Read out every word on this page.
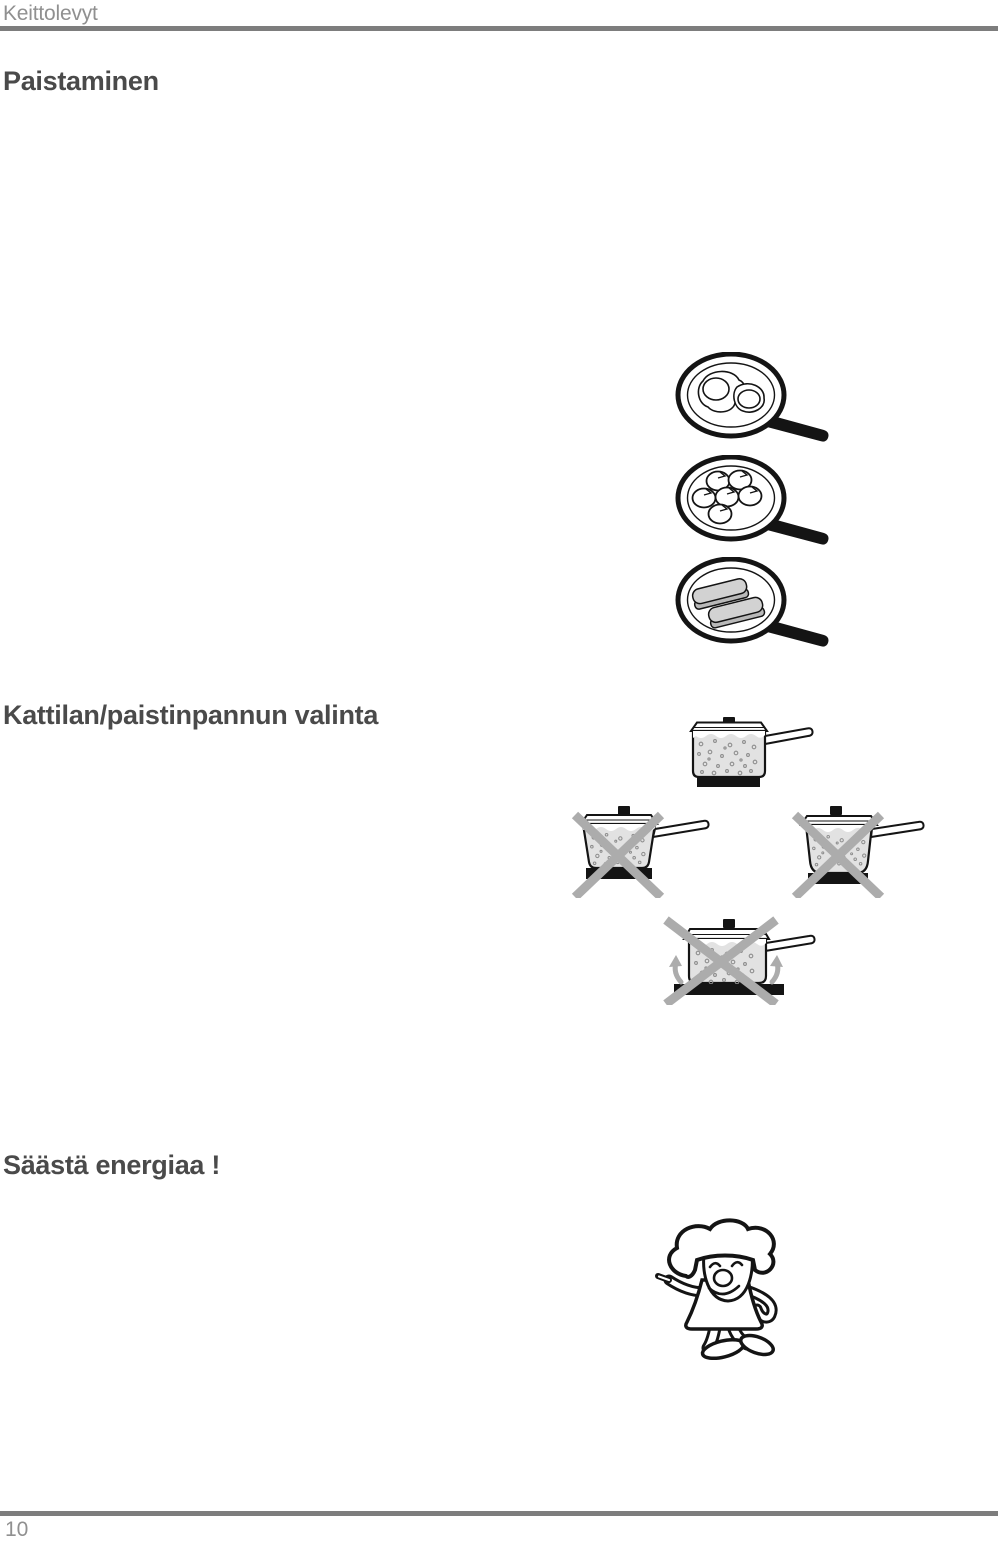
Keittolevyt
Paistaminen
Kattilan/paistinpannun valinta
Säästä energiaa !
10
